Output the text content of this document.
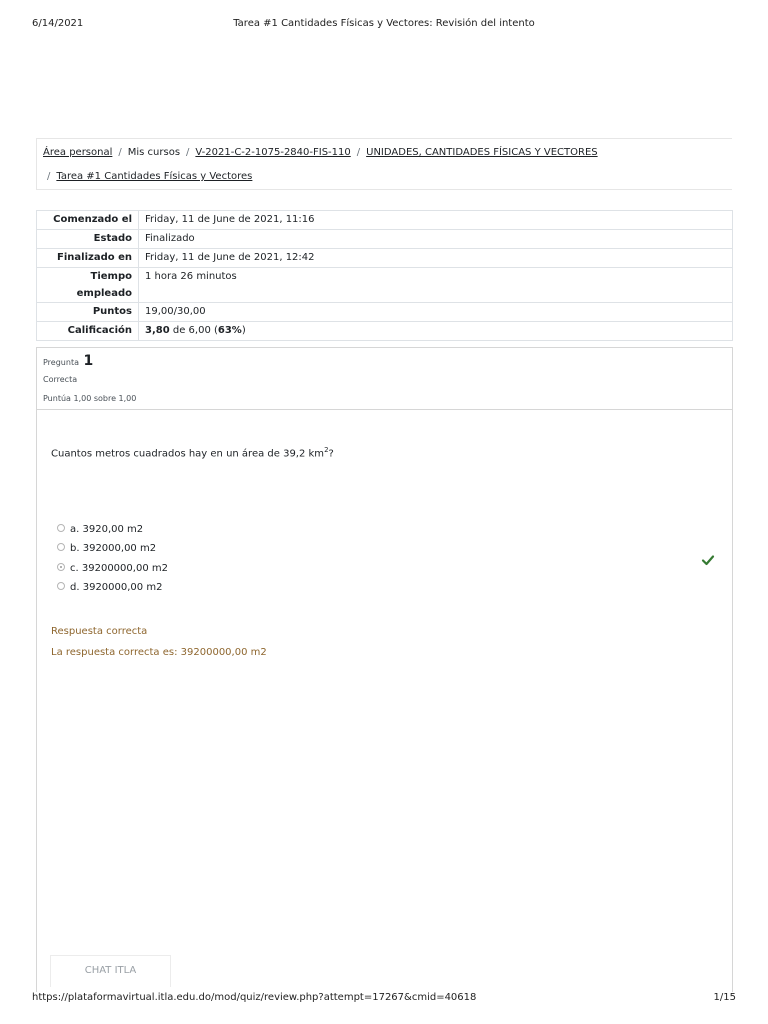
6/14/2021	Tarea #1 Cantidades Físicas y Vectores: Revisión del intento
Área personal / Mis cursos / V-2021-C-2-1075-2840-FIS-110 / UNIDADES, CANTIDADES FÍSICAS Y VECTORES
/ Tarea #1 Cantidades Físicas y Vectores
Comenzado el	Friday, 11 de June de 2021, 11:16
Estado	Finalizado
Finalizado en	Friday, 11 de June de 2021, 12:42
Tiempo empleado	1 hora 26 minutos
Puntos	19,00/30,00
Calificación	3,80 de 6,00 (63%)
Pregunta 1
Correcta
Puntúa 1,00 sobre 1,00
Cuantos metros cuadrados hay en un área de 39,2 $km^2$?
a. 3920,00 m2
b. 392000,00 m2
c. 39200000,00 m2
d. 3920000,00 m2
Respuesta correcta
La respuesta correcta es: 39200000,00 m2
CHAT ITLA
https://plataformavirtual.itla.edu.do/mod/quiz/review.php?attempt=17267&cmid=40618	1/15
